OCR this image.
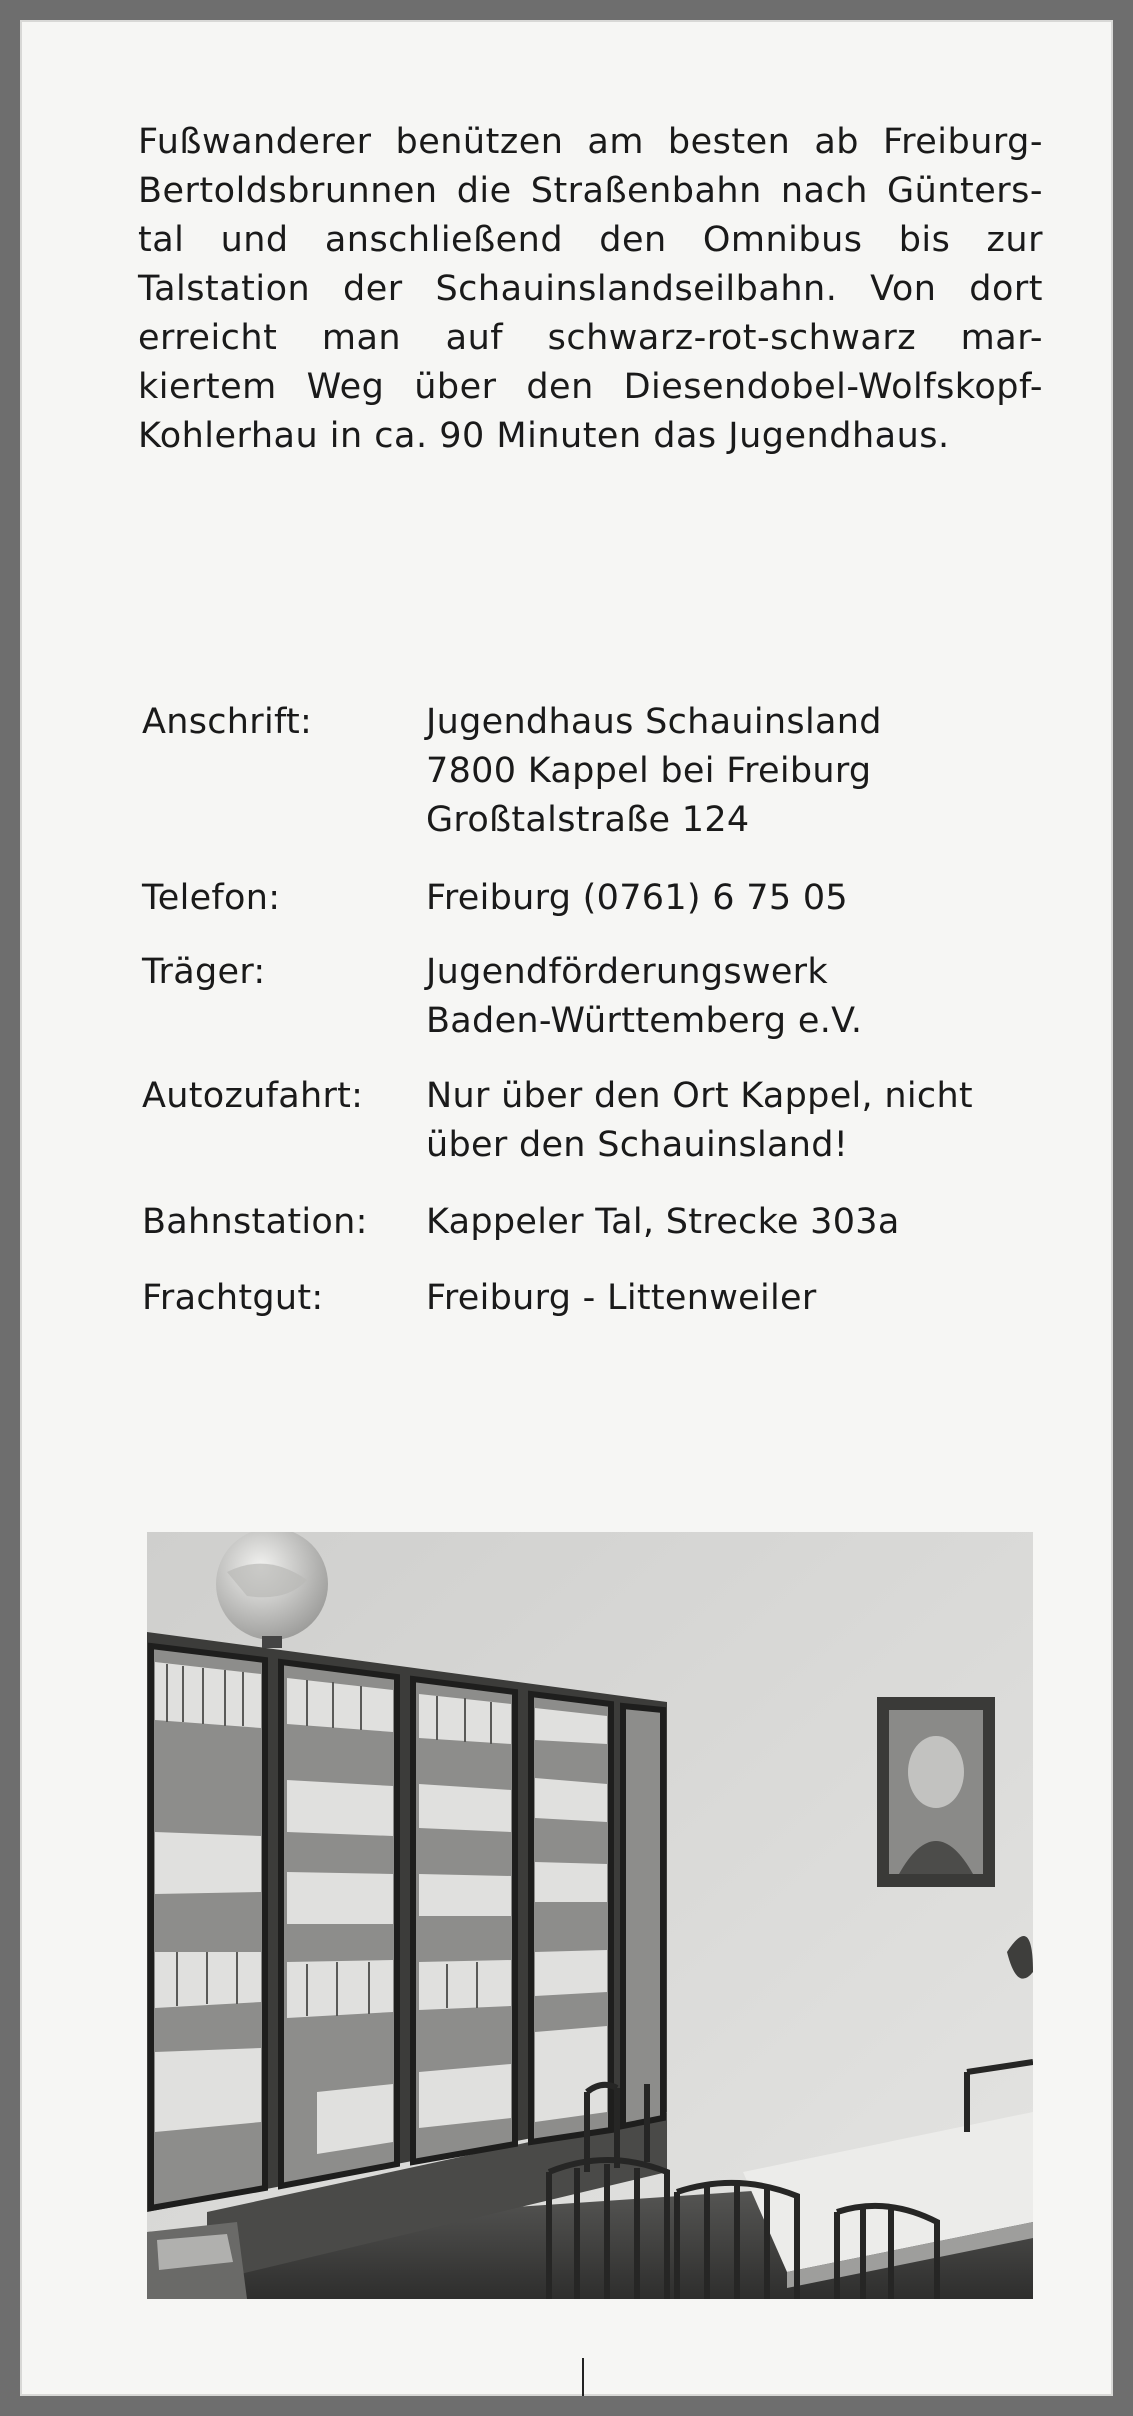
Fußwanderer benützen am besten ab Freiburg-
Bertoldsbrunnen die Straßenbahn nach Günters-
tal und anschließend den Omnibus bis zur
Talstation der Schauinslandseilbahn. Von dort
erreicht man auf schwarz-rot-schwarz mar-
kiertem Weg über den Diesendobel-Wolfskopf-
Kohlerhau in ca. 90 Minuten das Jugendhaus.
Anschrift:	Jugendhaus Schauinsland
7800 Kappel bei Freiburg
Großtalstraße 124
Telefon:	Freiburg (0761) 6 75 05
Träger:	Jugendförderungswerk
Baden-Württemberg e.V.
Autozufahrt: Nur über den Ort Kappel, nicht
über den Schauinsland!
Bahnstation: Kappeler Tal, Strecke 303a
Frachtgut:	Freiburg - Littenweiler
